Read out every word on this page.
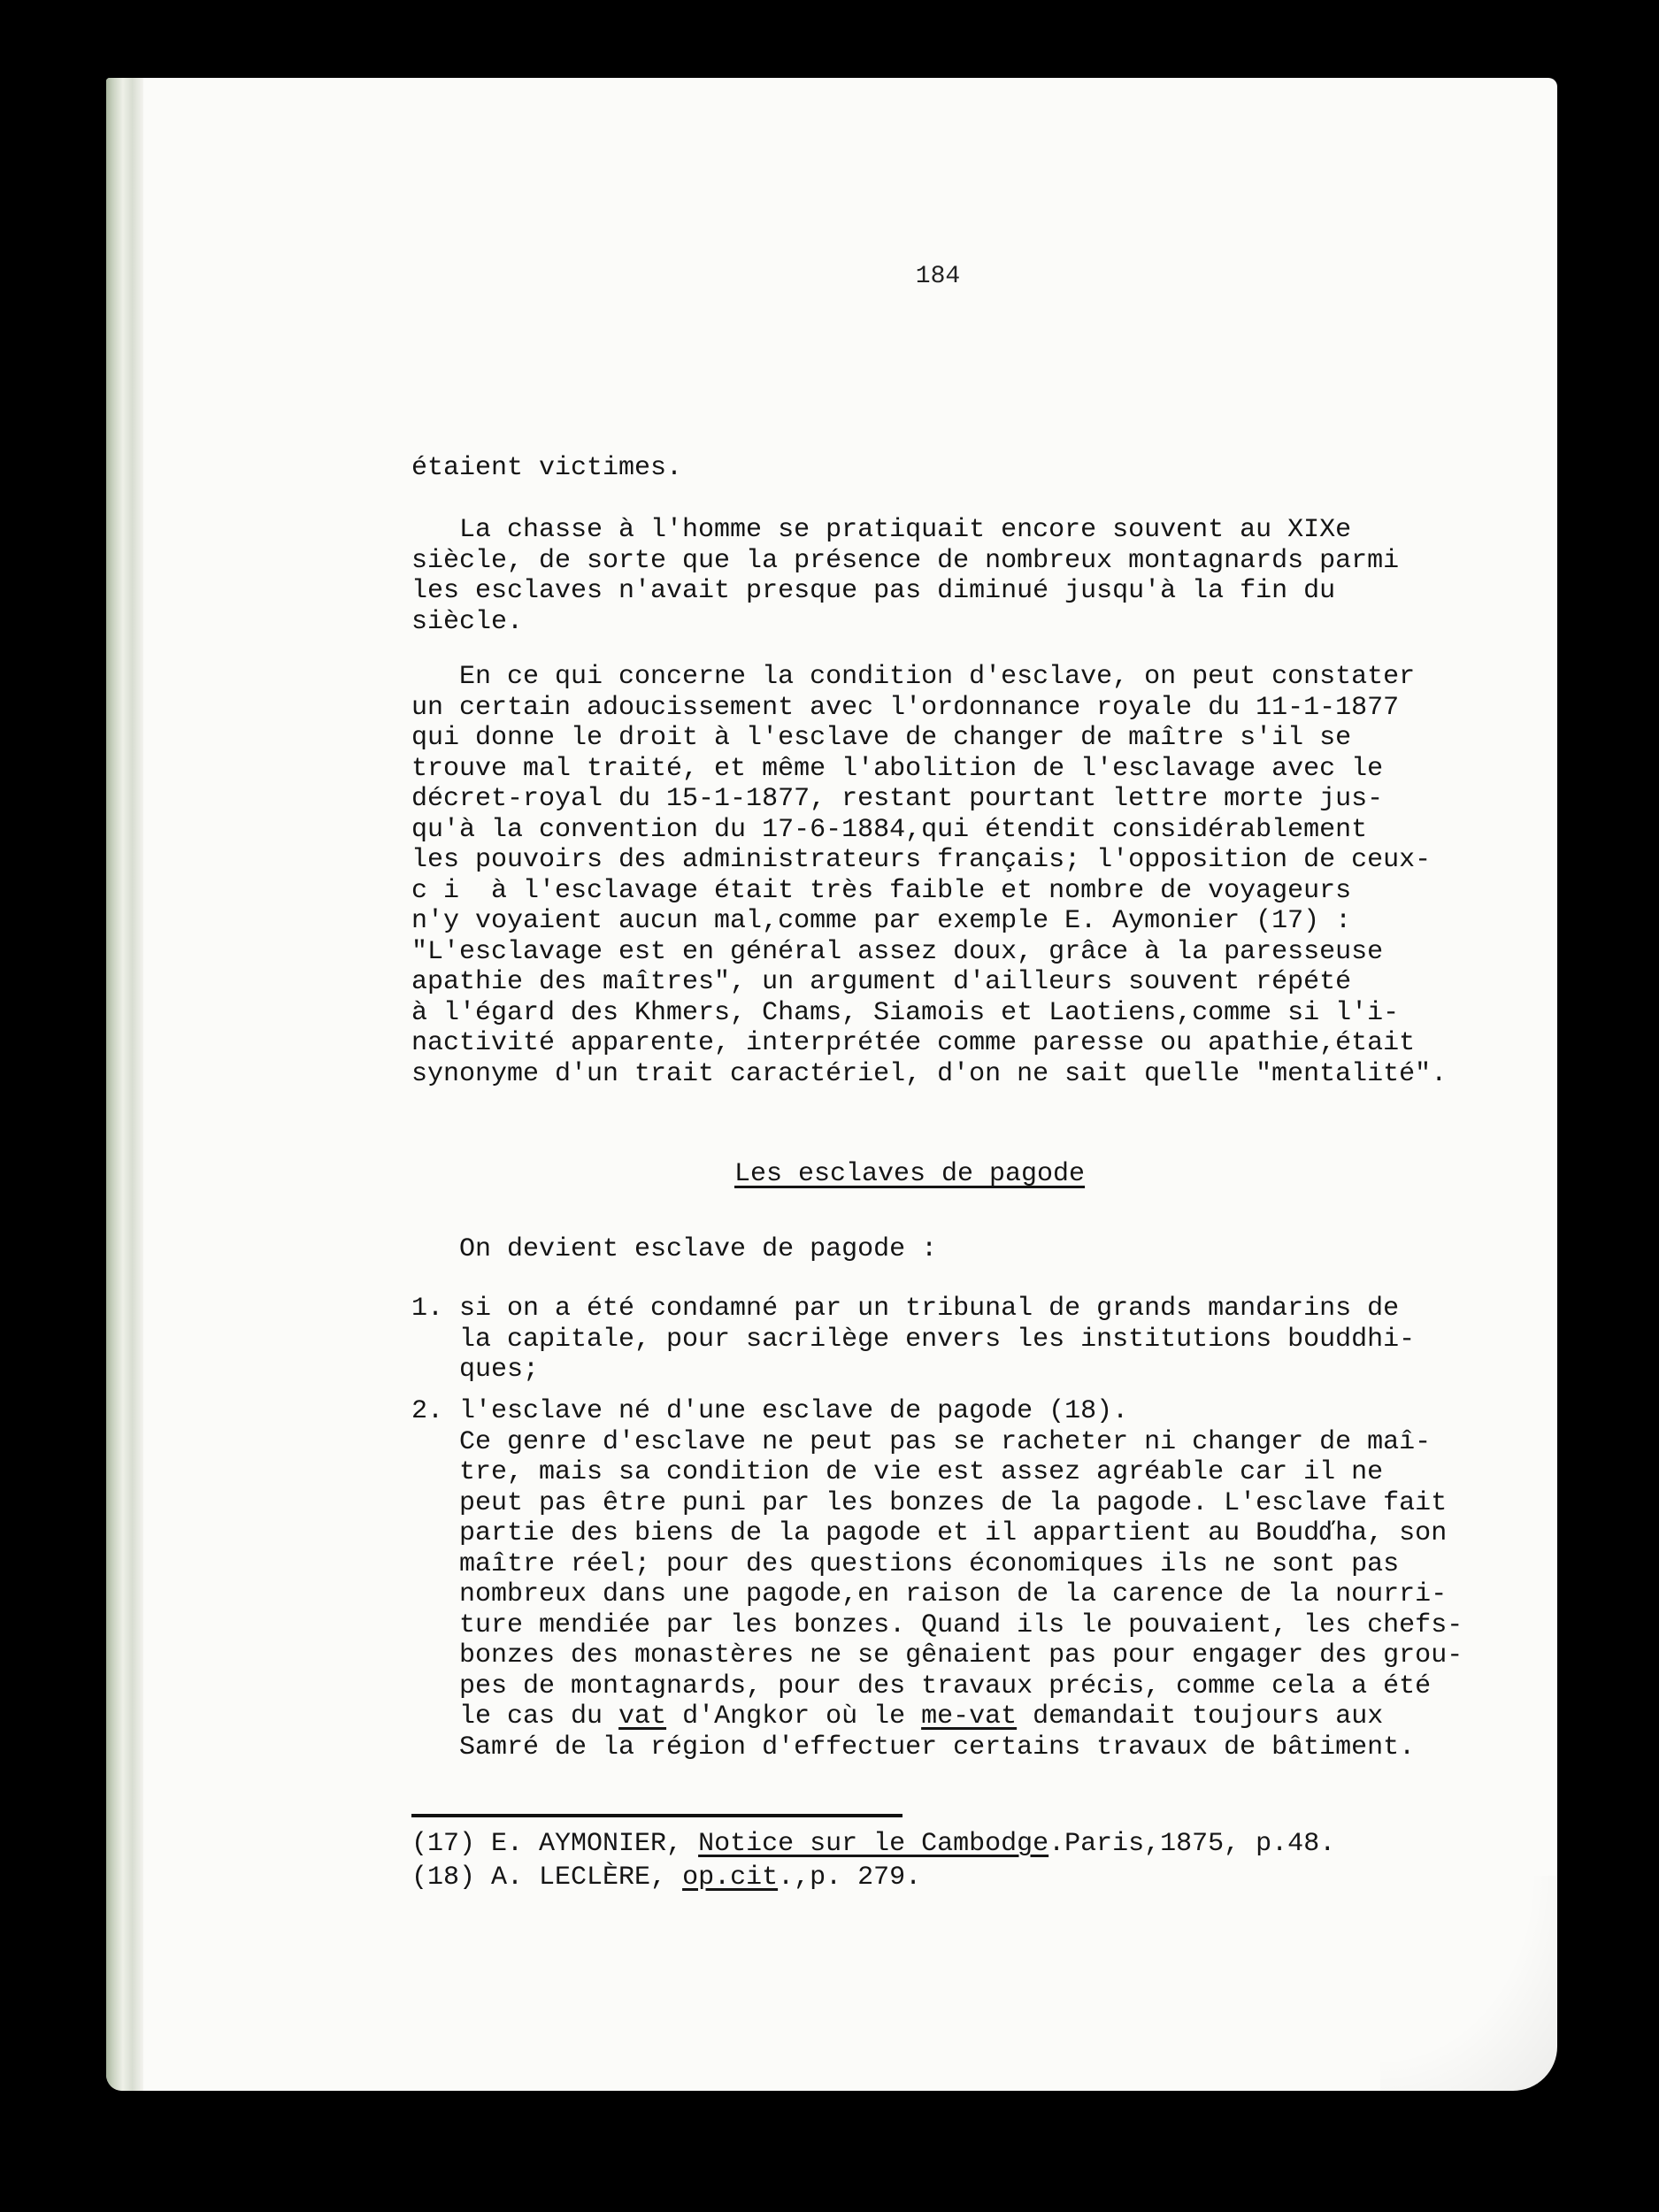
184
étaient victimes.
La chasse à l'homme se pratiquait encore souvent au XIXe
siècle, de sorte que la présence de nombreux montagnards parmi
les esclaves n'avait presque pas diminué jusqu'à la fin du
siècle.
En ce qui concerne la condition d'esclave, on peut constater
un certain adoucissement avec l'ordonnance royale du 11-1-1877
qui donne le droit à l'esclave de changer de maître s'il se
trouve mal traité, et même l'abolition de l'esclavage avec le
décret-royal du 15-1-1877, restant pourtant lettre morte jus-
qu'à la convention du 17-6-1884,qui étendit considérablement
les pouvoirs des administrateurs français; l'opposition de ceux-
c i  à l'esclavage était très faible et nombre de voyageurs
n'y voyaient aucun mal,comme par exemple E. Aymonier (17) :
"L'esclavage est en général assez doux, grâce à la paresseuse
apathie des maîtres", un argument d'ailleurs souvent répété
à l'égard des Khmers, Chams, Siamois et Laotiens,comme si l'i-
nactivité apparente, interprétée comme paresse ou apathie,était
synonyme d'un trait caractériel, d'on ne sait quelle "mentalité".
Les esclaves de pagode
On devient esclave de pagode :
1. si on a été condamné par un tribunal de grands mandarins de
la capitale, pour sacrilège envers les institutions bouddhi-
ques;
2. l'esclave né d'une esclave de pagode (18).
Ce genre d'esclave ne peut pas se racheter ni changer de maî-
tre, mais sa condition de vie est assez agréable car il ne
peut pas être puni par les bonzes de la pagode. L'esclave fait
partie des biens de la pagode et il appartient au Boudďha, son
maître réel; pour des questions économiques ils ne sont pas
nombreux dans une pagode,en raison de la carence de la nourri-
ture mendiée par les bonzes. Quand ils le pouvaient, les chefs-
bonzes des monastères ne se gênaient pas pour engager des grou-
pes de montagnards, pour des travaux précis, comme cela a été
le cas du vat d'Angkor où le me-vat demandait toujours aux
Samré de la région d'effectuer certains travaux de bâtiment.
(17) E. AYMONIER, Notice sur le Cambodge.Paris,1875, p.48.
(18) A. LECLÈRE, op.cit.,p. 279.
